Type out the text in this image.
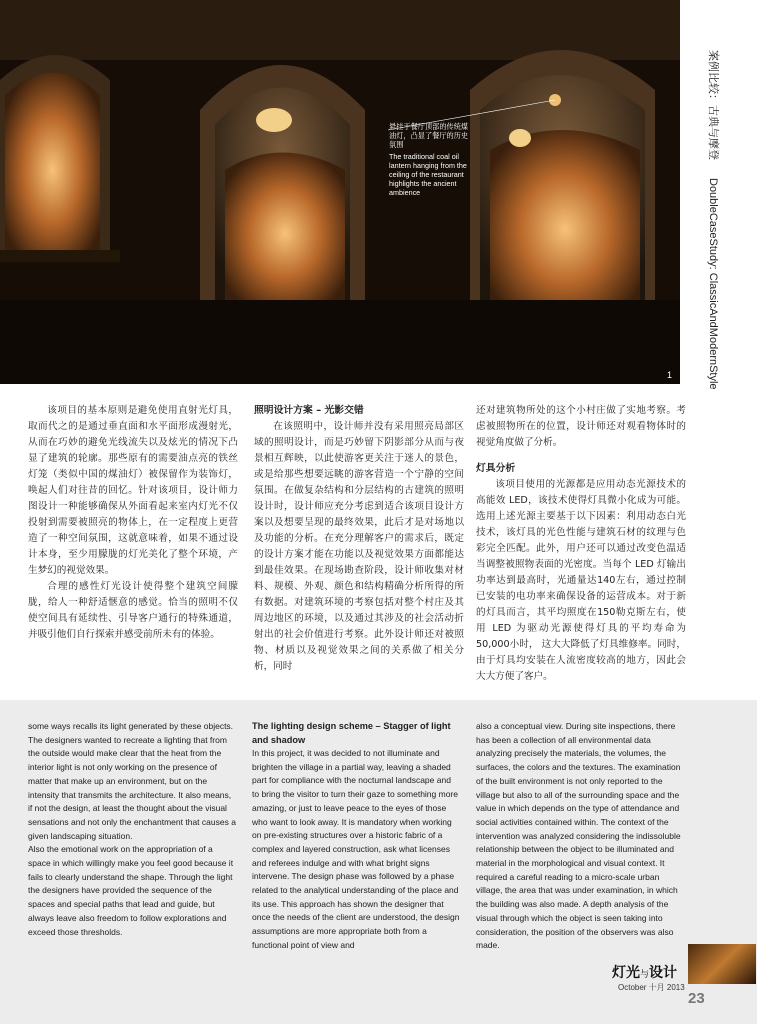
1
悬挂于餐厅顶部的传统煤油灯，凸显了餐厅的历史氛围
The traditional coal oil lantern hanging from the ceiling of the restaurant highlights the ancient ambience
案例比较：古典与摩登DoubleCaseStudy: ClassicAndModernStyle

该项目的基本原则是避免使用直射光灯具，取而代之的是通过垂直面和水平面形成漫射光，从而在巧妙的避免光线流失以及炫光的情况下凸显了建筑的轮廓。那些原有的需要油点亮的铁丝灯笼（类似中国的煤油灯）被保留作为装饰灯，唤起人们对往昔的回忆。针对该项目，设计师力图设计一种能够确保从外面看起来室内灯光不仅投射到需要被照亮的物体上，在一定程度上更营造了一种空间氛围，这就意味着，如果不通过设计本身，至少用朦胧的灯光美化了整个环境，产生梦幻的视觉效果。

合理的感性灯光设计使得整个建筑空间朦胧，给人一种舒适惬意的感觉。恰当的照明不仅使空间具有延续性、引导客户通行的特殊通道，并吸引他们自行探索并感受前所未有的体验。

照明设计方案 – 光影交错

在该照明中，设计师并没有采用照亮局部区域的照明设计，而是巧妙留下阴影部分从而与夜景相互辉映，以此使游客更关注于迷人的景色，或是给那些想要远眺的游客营造一个宁静的空间氛围。在做复杂结构和分层结构的古建筑的照明设计时，设计师应充分考虑到适合该项目设计方案以及想要呈现的最终效果，此后才是对场地以及功能的分析。在充分理解客户的需求后，既定的设计方案才能在功能以及视觉效果方面都能达到最佳效果。在现场勘查阶段，设计师收集对材料、规模、外观、颜色和结构精确分析所得的所有数据。对建筑环境的考察包括对整个村庄及其周边地区的环境，以及通过其涉及的社会活动折射出的社会价值进行考察。此外设计师还对被照物、材质以及视觉效果之间的关系做了相关分析，同时

还对建筑物所处的这个小村庄做了实地考察。考虑被照物所在的位置，设计师还对观看物体时的视觉角度做了分析。

灯具分析

该项目使用的光源都是应用动态光源技术的高能效 LED，该技术使得灯具微小化成为可能。选用上述光源主要基于以下因素：利用动态白光技术，该灯具的光色性能与建筑石材的纹理与色彩完全匹配。此外，用户还可以通过改变色温适当调整被照物表面的光密度。当每个 LED 灯输出功率达到最高时，光通量达140左右，通过控制已安装的电功率来确保设备的运营成本。对于新的灯具而言，其平均照度在150勒克斯左右，使用 LED 为驱动光源使得灯具的平均寿命为50,000小时， 这大大降低了灯具维修率。同时，由于灯具均安装在人流密度较高的地方，因此会大大方便了客户。

some ways recalls its light generated by these objects. The designers wanted to recreate a lighting that from the outside would make clear that the heat from the interior light is not only working on the presence of matter that make up an environment, but on the intensity that transmits the architecture. It also means, if not the design, at least the thought about the visual sensations and not only the enchantment that causes a given landscaping situation.

Also the emotional work on the appropriation of a space in which willingly make you feel good because it fails to clearly understand the shape. Through the light the designers have provided the sequence of the spaces and special paths that lead and guide, but always leave also freedom to follow explorations and exceed those thresholds.

The lighting design scheme – Stagger of light and shadow

In this project, it was decided to not illuminate and brighten the village in a partial way, leaving a shaded part for compliance with the nocturnal landscape and to bring the visitor to turn their gaze to something more amazing, or just to leave peace to the eyes of those who want to look away. It is mandatory when working on pre-existing structures over a historic fabric of a complex and layered construction, ask what licenses and referees indulge and with what bright signs intervene. The design phase was followed by a phase related to the analytical understanding of the place and its use. This approach has shown the designer that once the needs of the client are understood, the design assumptions are more appropriate both from a functional point of view and

also a conceptual view. During site inspections, there has been a collection of all environmental data analyzing precisely the materials, the volumes, the surfaces, the colors and the textures. The examination of the built environment is not only reported to the village but also to all of the surrounding space and the value in which depends on the type of attendance and social activities contained within. The context of the intervention was analyzed considering the indissoluble relationship between the object to be illuminated and material in the morphological and visual context. It required a careful reading to a micro-scale urban village, the area that was under examination, in which the building was also made. A depth analysis of the visual through which the object is seen taking into consideration, the position of the observers was also made.

灯光与设计
October 十月 2013
23
